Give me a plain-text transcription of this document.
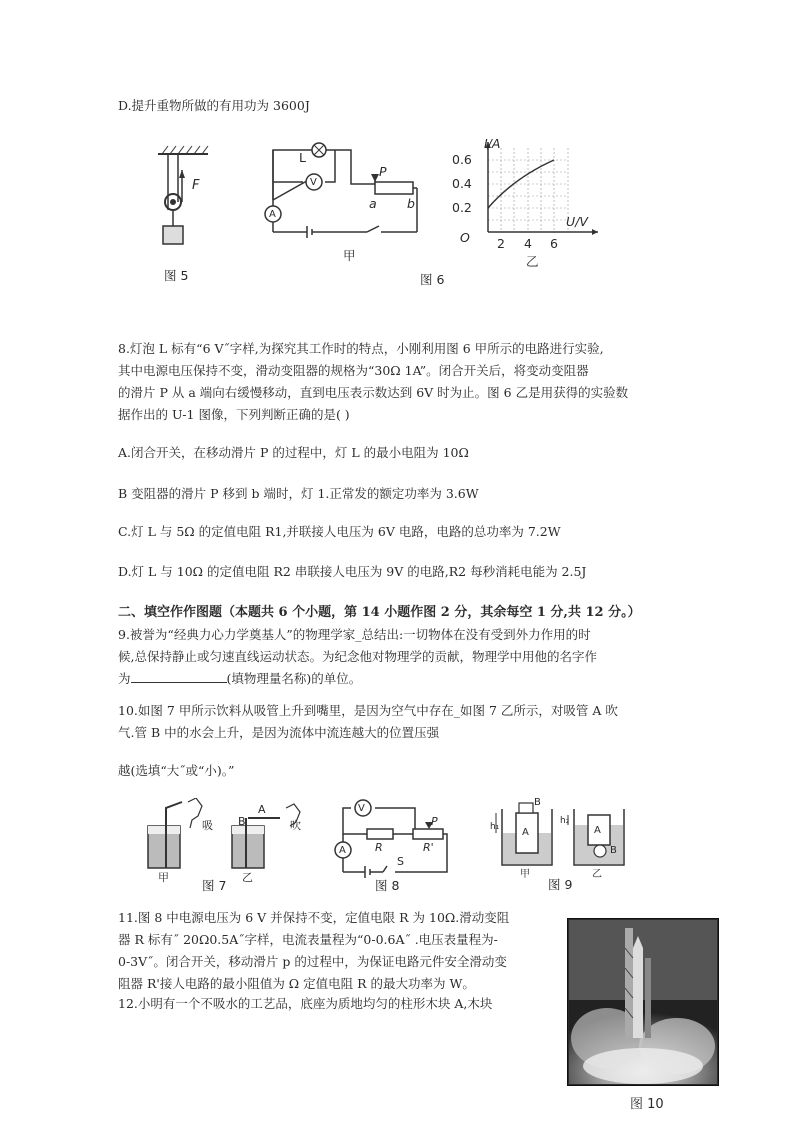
D.提升重物所做的有用功为 3600J
F
图 5
L
V
A
P
a b
甲
I/A
0.6
0.4
0.2
O 2 4 6
U/V
乙
图 6
8.灯泡 L 标有“6 V˝字样,为探究其工作时的特点，小刚利用图 6 甲所示的电路进行实验,
其中电源电压保持不变，滑动变阻器的规格为“30Ω 1A”。闭合开关后，将变动变阻器
的滑片 P 从 a 端向右缓慢移动，直到电压表示数达到 6V 时为止。图 6 乙是用获得的实验数
据作出的 U-1 图像，下列判断正确的是( )
A.闭合开关，在移动滑片 P 的过程中，灯 L 的最小电阻为 10Ω
B 变阻器的滑片 P 移到 b 端时，灯 1.正常发的额定功率为 3.6W
C.灯 L 与 5Ω 的定值电阻 R1,并联接人电压为 6V 电路，电路的总功率为 7.2W
D.灯 L 与 10Ω 的定值电阻 R2 串联接人电压为 9V 的电路,R2 每秒消耗电能为 2.5J
二、填空作作图题（本题共 6 个小题，第 14 小题作图 2 分，其余每空 1 分,共 12 分。）
9.被誉为“经典力心力学奠基人”的物理学家_总结出:一切物体在没有受到外力作用的时
候,总保持静止或匀速直线运动状态。为纪念他对物理学的贡献，物理学中用他的名字作
为	(填物理量名称)的单位。
10.如图 7 甲所示饮料从吸管上升到嘴里，是因为空气中存在_如图 7 乙所示，对吸管 A 吹
气.管 B 中的水会上升，是因为流体中流连越大的位置压强
越(选填“大˝或“小)。”
吸	吹
A
B
甲	乙
图 7
V
A	R	R'
P
S
图 8
A
B
A
B
h₁
h₂
甲	乙
图 9
11.图 8 中电源电压为 6 V 并保持不变，定值电限 R 为 10Ω.滑动变阻
器 R 标有˝ 20Ω0.5A˝字样，电流表量程为“0-0.6A˝ .电压表量程为-
0-3V˝。闭合开关，移动滑片 p 的过程中，为保证电路元件安全滑动变
阻器 R'接人电路的最小阻值为 Ω 定值电阻 R 的最大功率为 W。
12.小明有一个不吸水的工艺品，底座为质地均匀的柱形木块 A,木块
图 10
